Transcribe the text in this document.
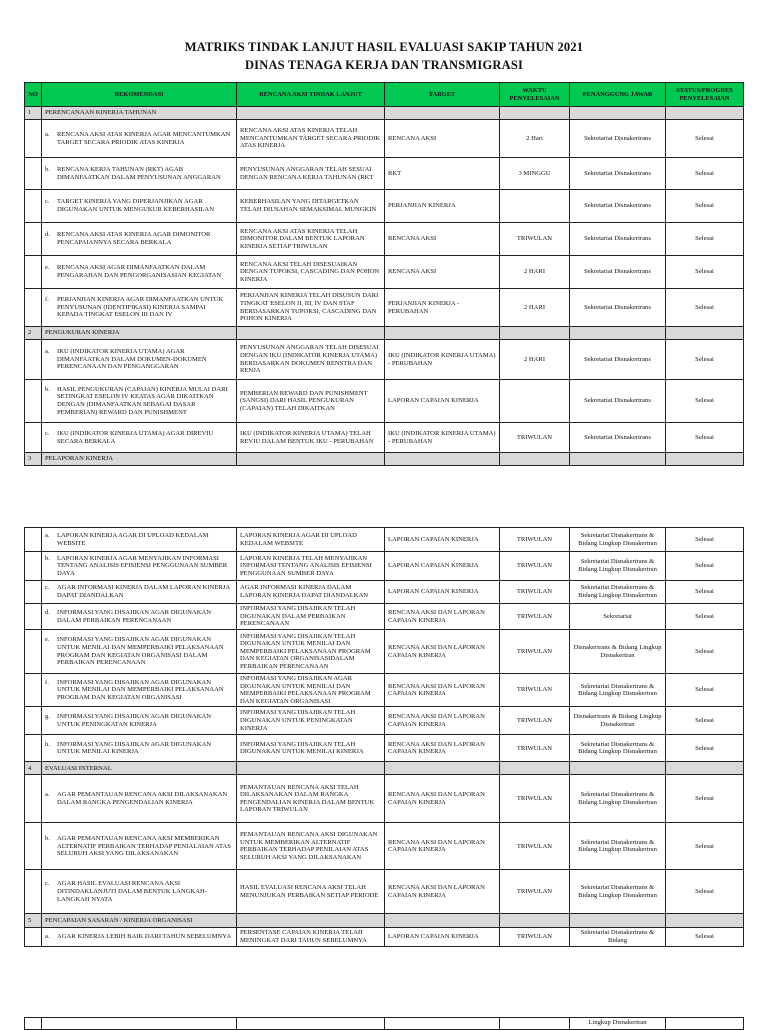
MATRIKS TINDAK LANJUT HASIL EVALUASI SAKIP TAHUN 2021
DINAS TENAGA KERJA DAN TRANSMIGRASI
NO	REKOMENDASI	RENCANA AKSI TINDAK LANJUT	TARGET	WAKTU PENYELESAIAN	PENANGGUNG JAWAB	STATUS/PROGRES PENYELESAIAN
1	PERENCANAAN KINERJA TAHUNAN					

	a. RENCANA AKSI ATAS KINERJA AGAR MENCANTUMKAN TARGET SECARA PRIODIK ATAS KINERJA	RENCANA AKSI ATAS KINERJA TELAH MENCANTUMKAN TARGET SECARA PRIODIK ATAS KINERJA	RENCANA AKSI	2 Hari	Sekretariat Disnakertrans	Selesai

	b. RENCANA KERJA TAHUNAN (RKT) AGAB DIMANFAATKAN DALAM PENYUSUNAN ANGGARAN	PENYUSUNAN ANGGARAN TELAH SESUAI DENGAN RENCANA KERJA TAHUNAN (RKT	RKT	3 MINGGU	Sekretariat Disnakertrans	Selesai

	c. TARGET KINERJA YANG DIPERJANJIKAN AGAR DIGUNAKAN UNTUK MENGUKUR KEBERHASILAN	KEBERHASILAN YANG DITARGETKAN TELAH DIUSAHAN SEMAKSIMAL MUNGKIN	PERJANJIAN KINERJA		Sekretariat Disnakertrans	Selesai

	d. RENCANA AKSI ATAS KINERJA AGAR DIMONITOR PENCAPAIANNYA SECARA BERKALA	RENCANA AKSI ATAS KINERJA TELAH DIMONITOR DALAM BENTUK LAPORAN KINERJA SETIAP TRIWULAN	RENCANA AKSI	TRIWULAN	Sekretariat Disnakertrans	Selesai

	e. RENCANA AKSI AGAR DIMANFAATKAN DALAM PENGARAHAN DAN PENGORGANISASIAN KEGIATAN	RENCANA AKSI TELAH DISESUAIKAN DENGAN TUPOKSI, CASCADING DAN POHON KINERJA	RENCANA AKSI	2 HARI	Sekretariat Disnakertrans	Selesai

	f. PERJANJIAN KINERJA AGAR DIMANFAATKAN UNTUK PENYUSUNAN (IDENTIFIKASI) KINERJA SAMPAI KEPADA TINGKAT ESELON III DAN IV	PERJANJIAN KINERJA TELAH DISUSUN DARI TINGKAT ESELON II, III, IV DAN STAF BERDASARKAN TUPOKSI, CASCADING DAN POHON KINERJA	PERJANJIAN KINERJA - PERUBAHAN	2 HARI	Sekretariat Disnakertrans	Selesai
2	PENGUKURAN KINERJA					

	a. IKU (INDIKATOR KINERJA UTAMA) AGAR DIMANFAATKAN DALAM DOKUMEN-DOKUMEN PERENCANAAN DAN PENGANGGARAN	PENYUSUNAN ANGGARAN TELAH DISESUAI DENGAN IKU (INDIKATOR KINERJA UTAMA) BERDASARKAN DOKUMEN RENSTRA DAN RENJA	IKU (INDIKATOR KINERJA UTAMA) - PERUBAHAN	2 HARI	Sekretariat Disnakertrans	Selesai

	b. HASIL PENGUKURAN (CAPAIAN) KINERJA MULAI DARI SETINGKAT ESELON IV KEATAS AGAR DIKAITKAN DENGAN (DIMANFAATKAN SEBAGAI DASAR PEMBERIAN) REWARD DAN PUNISHMENT	PEMBERIAN REWARD DAN PUNISHMENT (SANGSI) DARI HASIL PENGUKURAN (CAPAIAN) TELAH DIKAITKAN	LAPORAN CAPAIAN KINERJA		Sekretariat Disnakertrans	Selesai

	c. IKU (INDIKATOR KINERJA UTAMA) AGAR DIREVIU SECARA BERKALA	IKU (INDIKATOR KINERJA UTAMA) TELAH REVIU DALAM BENTUK IKU - PERUBAHAN	IKU (INDIKATOR KINERJA UTAMA) - PERUBAHAN	TRIWULAN	Sekretariat Disnakertrans	Selesai
3	PELAPORAN KINERJA					

	a. LAPORAN KINERJA AGAR DI UPLOAD KEDALAM WEBSITE	LAPORAN KINERJA AGAR DI UPLOAD KEDALAM WEBSITE	LAPORAN CAPAIAN KINERJA	TRIWULAN	Sekretariat Disnakertrans & Bidang Lingkup Disnakertran	Selesai

	b. LAPORAN KINERJA AGAR MENYAJIKAN INFORMASI TENTANG ANALISIS EFISIENSI PENGGUNAAN SUMBER DAYA	LAPORAN KINERJA TELAH MENYAJIKAN INFORMASI TENTANG ANALISIS EFISIENSI PENGGUNAAN SUMBER DAYA	LAPORAN CAPAIAN KINERJA	TRIWULAN	Sekretariat Disnakertrans & Bidang Lingkup Disnakertran	Selesai

	c. AGAR INFORMASI KINERJA DALAM LAPORAN KINERJA DAPAT DIANDALKAN	AGAR INFORMASI KINERJA DALAM LAPORAN KINERJA DAPAT DIANDALKAN	LAPORAN CAPAIAN KINERJA	TRIWULAN	Sekretariat Disnakertrans & Bidang Lingkup Disnakertran	Selesai

	d. INFORMASI YANG DISAJIKAN AGAR DIGUNAKAN DALAM PERBAIKAN PERENCANAAN	INFORMASI YANG DISAJIKAN TELAH DIGUNAKAN DALAM PERBAIKAN PERENCANAAN	RENCANA AKSI DAN LAPORAN CAPAIAN KINERJA	TRIWULAN	Sekretariat	Selesai

	e. INFORMASI YANG DISAJIKAN AGAR DIGUNAKAN UNTUK MENILAI DAN MEMPERBAIKI PELAKSANAAN PROGRAM DAN KEGIATAN ORGANISASI DALAM PERBAIKAN PERENCANAAN	INFORMASI YANG DISAJIKAN TELAH DIGUNAKAN UNTUK MENILAI DAN MEMPERBAIKI PELAKSANAAN PROGRAM DAN KEGIATAN ORGANISASIDALAM PERBAIKAN PERENCANAAN	RENCANA AKSI DAN LAPORAN CAPAIAN KINERJA	TRIWULAN	Disnakertrans & Bidang Lingkup Disnakertran	Selesai

	f. INFORMASI YANG DISAJIKAN AGAR DIGUNAKAN UNTUK MENILAI DAN MEMPERBAIKI PELAKSANAAN PROGRAM DAN KEGIATAN ORGANISASI	INFORMASI YANG DISAJIKAN AGAR DIGUNAKAN UNTUK MENILAI DAN MEMPERBAIKI PELAKSANAAN PROGRAM DAN KEGIATAN ORGANISASI	RENCANA AKSI DAN LAPORAN CAPAIAN KINERJA	TRIWULAN	Sekretariat Disnakertrans & Bidang Lingkup Disnakertran	Selesai

	g. INFORMASI YANG DISAJIKAN AGAR DIGUNAKAN UNTUK PENINGKATAN KINERJA	INFORMASI YANG DISAJIKAN TELAH DIGUNAKAN UNTUK PENINGKATAN KINERJA	RENCANA AKSI DAN LAPORAN CAPAIAN KINERJA	TRIWULAN	Disnakertrans & Bidang Lingkup Disnakertran	Selesai

	h. INFORMASI YANG DISAJIKAN AGAR DIGUNAKAN UNTUK MENILAI KINERJA	INFORMASI YANG DISAJIKAN TELAH DIGUNAKAN UNTUK MENILAI KINERJA	RENCANA AKSI DAN LAPORAN CAPAIAN KINERJA	TRIWULAN	Sekretariat Disnakertrans & Bidang Lingkup Disnakertran	Selesai
4	EVALUASI INTERNAL					

	a. AGAR PEMANTAUAN RENCANA AKSI DILAKSANAKAN DALAM RANGKA PENGENDALIAN KINERJA	PEMANTAUAN RENCANA AKSI TELAH DILAKSANAKAN DALAM RANGKA PENGENDALIAN KINERJA DALAM BENTUK LAPORAN TRIWULAN	RENCANA AKSI DAN LAPORAN CAPAIAN KINERJA	TRIWULAN	Sekretariat Disnakertrans & Bidang Lingkup Disnakertran	Selesai

	b. AGAR PEMANTAUAN RENCANA AKSI MEMBERIKAN ALTERNATIF PERBAIKAN TERHADAP PENIALAIAN ATAS SELURUH AKSI YANG DILAKSANAKAN	PEMANTAUAN RENCANA AKSI DIGUNAKAN UNTUK MEMBERIKAN ALTERNATIF PERBAIKAN TERHADAP PENILAIAN ATAS SELURUH AKSI YANG DILAKSANAKAN	RENCANA AKSI DAN LAPORAN CAPAIAN KINERJA	TRIWULAN	Sekretariat Disnakertrans & Bidang Lingkup Disnakertran	Selesai

	c. AGAR HASIL EVALUASI RENCANA AKSI DITINDAKLANJUTI DALAM BENTUK LANGKAH-LANGKAH NYATA	HASIL EVALUASI RENCANA AKSI TELAH MENUNJUKAN PERBAIKAN SETIAP PERIODE	RENCANA AKSI DAN LAPORAN CAPAIAN KINERJA	TRIWULAN	Sekretariat Disnakertrans & Bidang Lingkup Disnakertran	Selesai
5	PENCAPAIAN SASARAN / KINERJA ORGANISASI					

	a. AGAR KINERJA LEBIH BAIK DARI TAHUN SEBELUMNYA	PERSENTASE CAPAIAN KINERJA TELAH MENINGKAT DARI TAHUN SEBELUMNYA	LAPORAN CAPAIAN KINERJA	TRIWULAN	Sekretariat Disnakertrans & Bidang	Selesai
					Lingkup Disnakertran	
